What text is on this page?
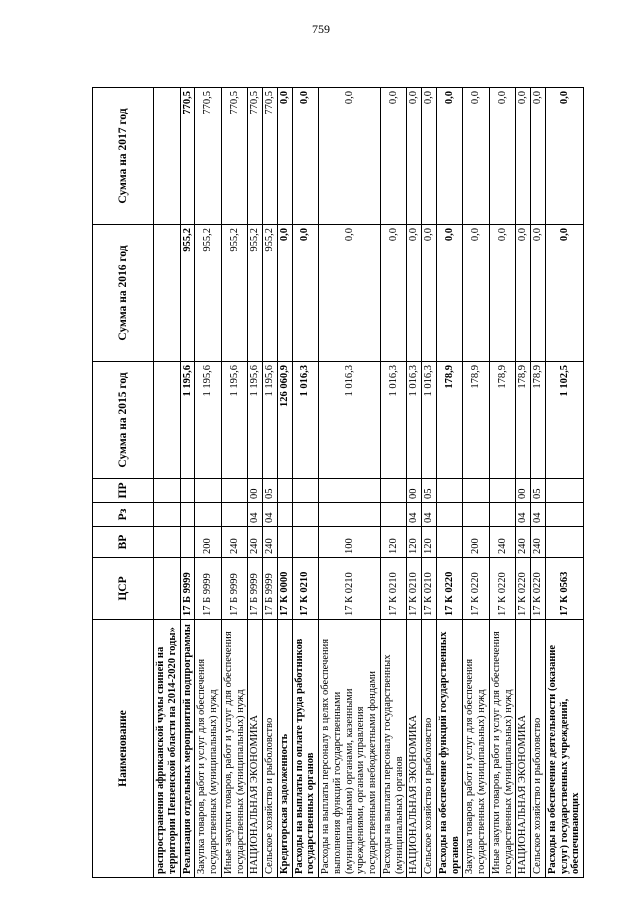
759
Наименование	ЦСР	ВР	Рз	ПР	Сумма на 2015 год	Сумма на 2016 год	Сумма на 2017 год
распространения африканской чумы свиней на территории Пензенской области на 2014-2020 годы»							
Реализация отдельных мероприятий подпрограммы	17 Б 9999				1 195,6	955,2	770,5
Закупка товаров, работ и услуг для обеспечения государственных (муниципальных) нужд	17 Б 9999	200			1 195,6	955,2	770,5
Иные закупки товаров, работ и услуг для обеспечения государственных (муниципальных) нужд	17 Б 9999	240			1 195,6	955,2	770,5
НАЦИОНАЛЬНАЯ ЭКОНОМИКА	17 Б 9999	240	04	00	1 195,6	955,2	770,5
Сельское хозяйство и рыболовство	17 Б 9999	240	04	05	1 195,6	955,2	770,5
Кредиторская задолженность	17 К 0000				126 060,9	0,0	0,0
Расходы на выплаты по оплате труда работников государственных органов	17 К 0210				1 016,3	0,0	0,0
Расходы на выплаты персоналу в целях обеспечения выполнения функций государственными (муниципальными) органами, казенными учреждениями, органами управления государственными внебюджетными фондами	17 К 0210	100			1 016,3	0,0	0,0
Расходы на выплаты персоналу государственных (муниципальных) органов	17 К 0210	120			1 016,3	0,0	0,0
НАЦИОНАЛЬНАЯ ЭКОНОМИКА	17 К 0210	120	04	00	1 016,3	0,0	0,0
Сельское хозяйство и рыболовство	17 К 0210	120	04	05	1 016,3	0,0	0,0
Расходы на обеспечение функций государственных органов	17 К 0220				178,9	0,0	0,0
Закупка товаров, работ и услуг для обеспечения государственных (муниципальных) нужд	17 К 0220	200			178,9	0,0	0,0
Иные закупки товаров, работ и услуг для обеспечения государственных (муниципальных) нужд	17 К 0220	240			178,9	0,0	0,0
НАЦИОНАЛЬНАЯ ЭКОНОМИКА	17 К 0220	240	04	00	178,9	0,0	0,0
Сельское хозяйство и рыболовство	17 К 0220	240	04	05	178,9	0,0	0,0
Расходы на обеспечение деятельности (оказание услуг) государственных учреждений, обеспечивающих	17 К 0563				1 102,5	0,0	0,0
